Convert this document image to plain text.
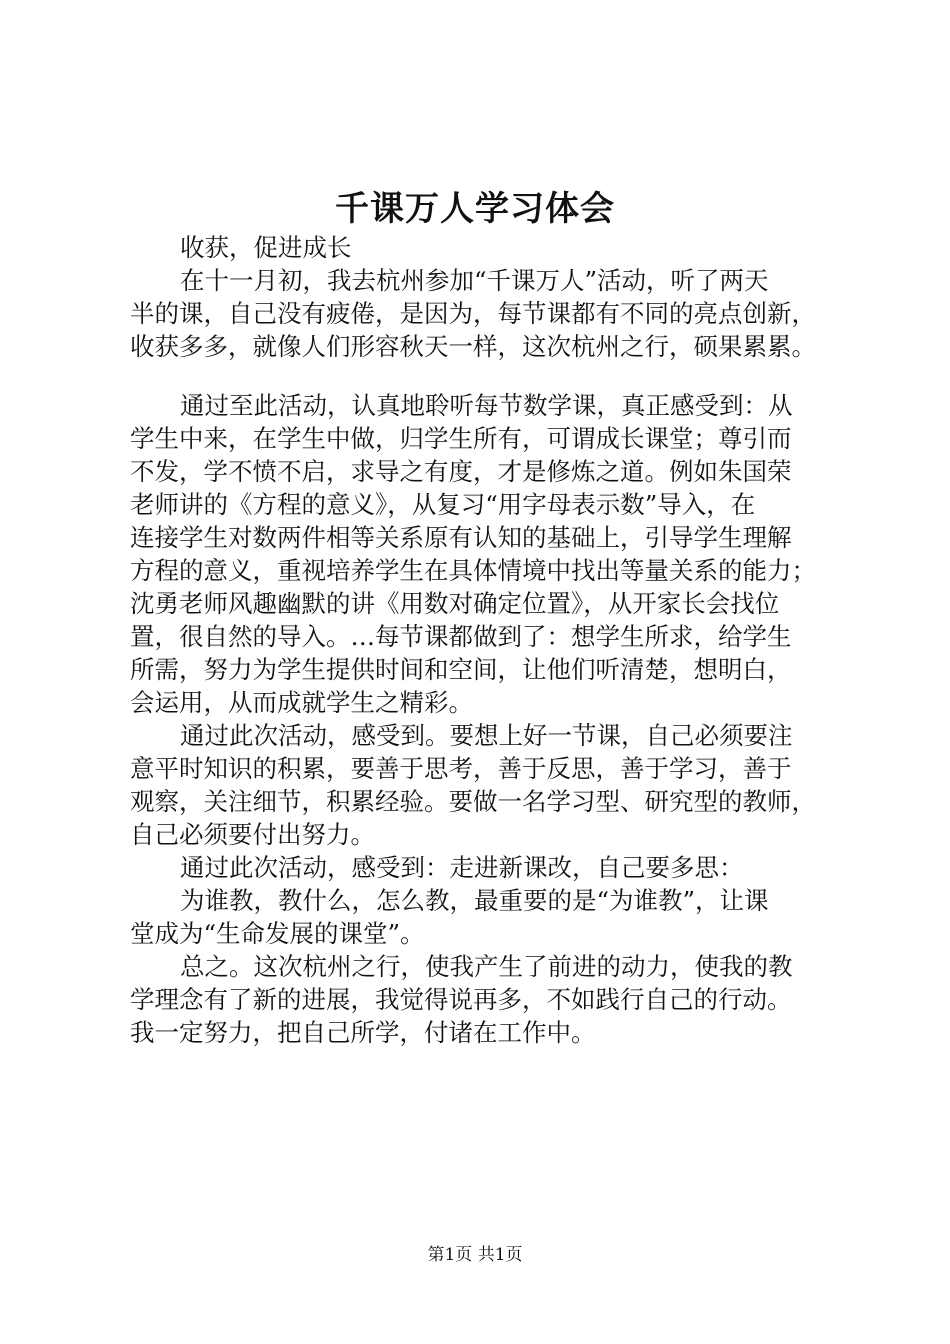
千课万人学习体会
收获，促进成长
在十一月初，我去杭州参加“千课万人”活动，听了两天
半的课，自己没有疲倦，是因为，每节课都有不同的亮点创新，
收获多多，就像人们形容秋天一样，这次杭州之行，硕果累累。
通过至此活动，认真地聆听每节数学课，真正感受到：从
学生中来，在学生中做，归学生所有，可谓成长课堂；尊引而
不发，学不愤不启，求导之有度，才是修炼之道。例如朱国荣
老师讲的《方程的意义》，从复习“用字母表示数”导入，在
连接学生对数两件相等关系原有认知的基础上，引导学生理解
方程的意义，重视培养学生在具体情境中找出等量关系的能力；
沈勇老师风趣幽默的讲《用数对确定位置》，从开家长会找位
置，很自然的导入。…每节课都做到了：想学生所求，给学生
所需，努力为学生提供时间和空间，让他们听清楚，想明白，
会运用，从而成就学生之精彩。
通过此次活动，感受到。要想上好一节课，自己必须要注
意平时知识的积累，要善于思考，善于反思，善于学习，善于
观察，关注细节，积累经验。要做一名学习型、研究型的教师，
自己必须要付出努力。
通过此次活动，感受到：走进新课改，自己要多思：
为谁教，教什么，怎么教，最重要的是“为谁教”，让课
堂成为“生命发展的课堂”。
总之。这次杭州之行，使我产生了前进的动力，使我的教
学理念有了新的进展，我觉得说再多，不如践行自己的行动。
我一定努力，把自己所学，付诸在工作中。
第1页 共1页
